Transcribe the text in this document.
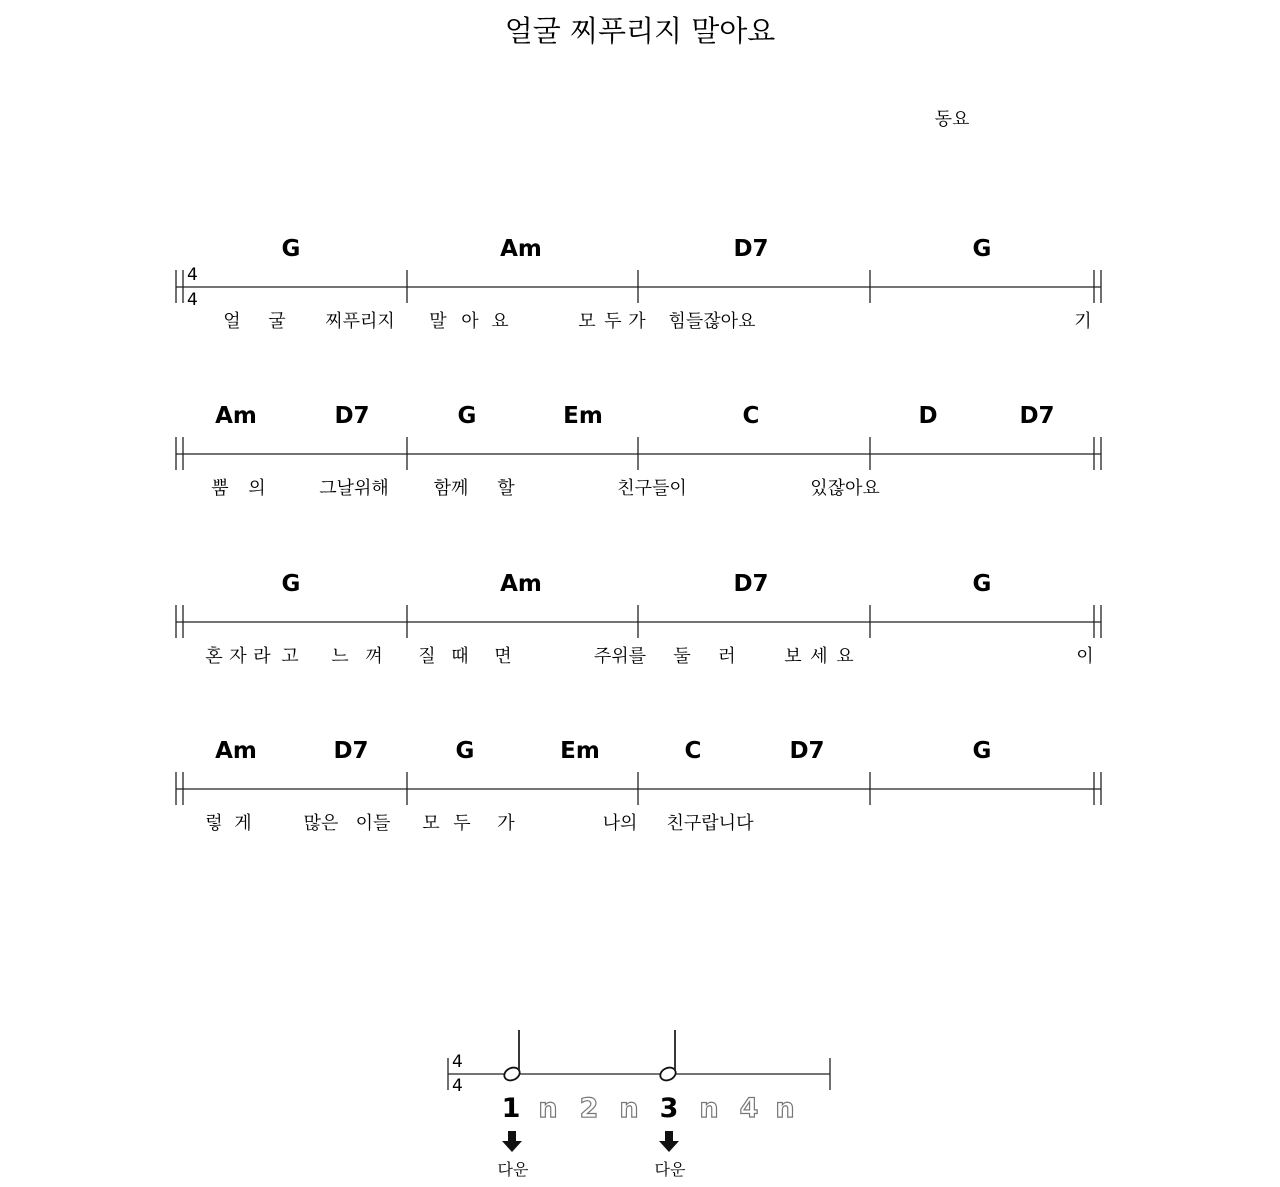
얼굴 찌푸리지 말아요
동요
4
4
G	Am	D7	G
얼 굴 찌푸리지 말 아 요	모 두 가 힘들잖아요	기
Am	D7	G	Em	C	D	D7
뿜 의	그날위해 함께 할	친구들이	있잖아요
G	Am	D7	G
혼 자 라 고 느 껴 질 때 면	주위를 둘 러	보 세 요	이
Am	D7	G	Em	C	D7	G
렇 게	많은 이들 모 두 가	나의 친구랍니다
4
4
1 n 2 n 3 n 4 n
다운	다운
